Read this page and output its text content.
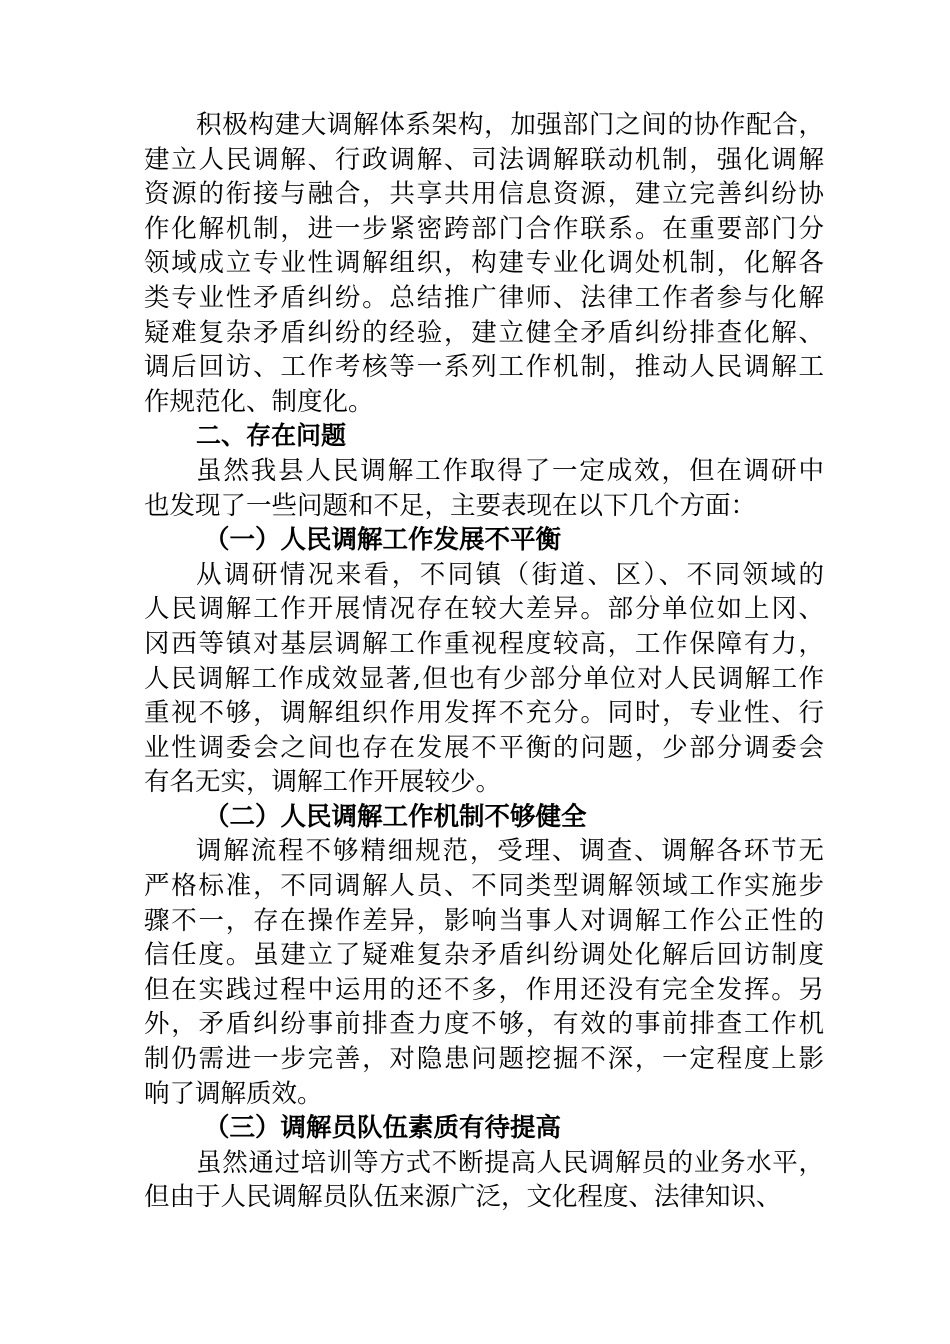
积极构建大调解体系架构，加强部门之间的协作配合，
建立人民调解、行政调解、司法调解联动机制，强化调解
资源的衔接与融合，共享共用信息资源，建立完善纠纷协
作化解机制，进一步紧密跨部门合作联系。在重要部门分
领域成立专业性调解组织，构建专业化调处机制，化解各
类专业性矛盾纠纷。总结推广律师、法律工作者参与化解
疑难复杂矛盾纠纷的经验，建立健全矛盾纠纷排查化解、
调后回访、工作考核等一系列工作机制，推动人民调解工
作规范化、制度化。
二、存在问题
虽然我县人民调解工作取得了一定成效，但在调研中
也发现了一些问题和不足，主要表现在以下几个方面：
（一）人民调解工作发展不平衡
从调研情况来看，不同镇（街道、区）、不同领域的
人民调解工作开展情况存在较大差异。部分单位如上冈、
冈西等镇对基层调解工作重视程度较高，工作保障有力，
人民调解工作成效显著,但也有少部分单位对人民调解工作
重视不够，调解组织作用发挥不充分。同时，专业性、行
业性调委会之间也存在发展不平衡的问题，少部分调委会
有名无实，调解工作开展较少。
（二）人民调解工作机制不够健全
调解流程不够精细规范，受理、调查、调解各环节无
严格标准，不同调解人员、不同类型调解领域工作实施步
骤不一，存在操作差异，影响当事人对调解工作公正性的
信任度。虽建立了疑难复杂矛盾纠纷调处化解后回访制度
但在实践过程中运用的还不多，作用还没有完全发挥。另
外，矛盾纠纷事前排查力度不够，有效的事前排查工作机
制仍需进一步完善，对隐患问题挖掘不深，一定程度上影
响了调解质效。
（三）调解员队伍素质有待提高
虽然通过培训等方式不断提高人民调解员的业务水平，
但由于人民调解员队伍来源广泛，文化程度、法律知识、
